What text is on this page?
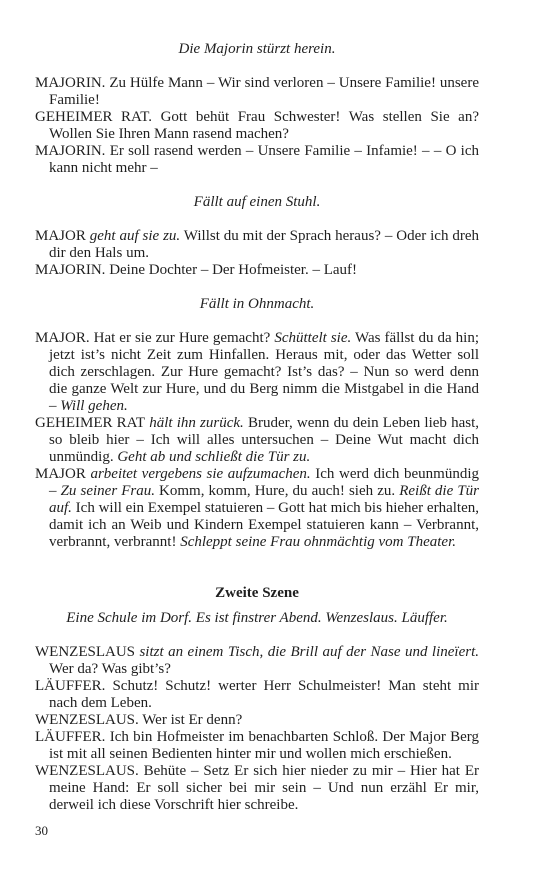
Die Majorin stürzt herein.

MAJORIN. Zu Hülfe Mann – Wir sind verloren – Unsere Familie! unsere Familie!

GEHEIMER RAT. Gott behüt Frau Schwester! Was stellen Sie an? Wollen Sie Ihren Mann rasend machen?

MAJORIN. Er soll rasend werden – Unsere Familie – Infamie! – – O ich kann nicht mehr –

Fällt auf einen Stuhl.

MAJOR geht auf sie zu. Willst du mit der Sprach heraus? – Oder ich dreh dir den Hals um.

MAJORIN. Deine Dochter – Der Hofmeister. – Lauf!

Fällt in Ohnmacht.

MAJOR. Hat er sie zur Hure gemacht? Schüttelt sie. Was fällst du da hin; jetzt ist’s nicht Zeit zum Hinfallen. Heraus mit, oder das Wetter soll dich zerschlagen. Zur Hure gemacht? Ist’s das? – Nun so werd denn die ganze Welt zur Hure, und du Berg nimm die Mistgabel in die Hand – Will gehen.

GEHEIMER RAT hält ihn zurück. Bruder, wenn du dein Leben lieb hast, so bleib hier – Ich will alles untersuchen – Deine Wut macht dich unmündig. Geht ab und schließt die Tür zu.

MAJOR arbeitet vergebens sie aufzumachen. Ich werd dich beunmündig – Zu seiner Frau. Komm, komm, Hure, du auch! sieh zu. Reißt die Tür auf. Ich will ein Exempel statuieren – Gott hat mich bis hieher erhalten, damit ich an Weib und Kindern Exempel statuieren kann – Verbrannt, verbrannt, verbrannt! Schleppt seine Frau ohnmächtig vom Theater.

Zweite Szene

Eine Schule im Dorf. Es ist finstrer Abend. Wenzeslaus. Läuffer.

WENZESLAUS sitzt an einem Tisch, die Brill auf der Nase und lineïert. Wer da? Was gibt’s?

LÄUFFER. Schutz! Schutz! werter Herr Schulmeister! Man steht mir nach dem Leben.

WENZESLAUS. Wer ist Er denn?

LÄUFFER. Ich bin Hofmeister im benachbarten Schloß. Der Major Berg ist mit all seinen Bedienten hinter mir und wollen mich erschießen.

WENZESLAUS. Behüte – Setz Er sich hier nieder zu mir – Hier hat Er meine Hand: Er soll sicher bei mir sein – Und nun erzähl Er mir, derweil ich diese Vorschrift hier schreibe.

30
